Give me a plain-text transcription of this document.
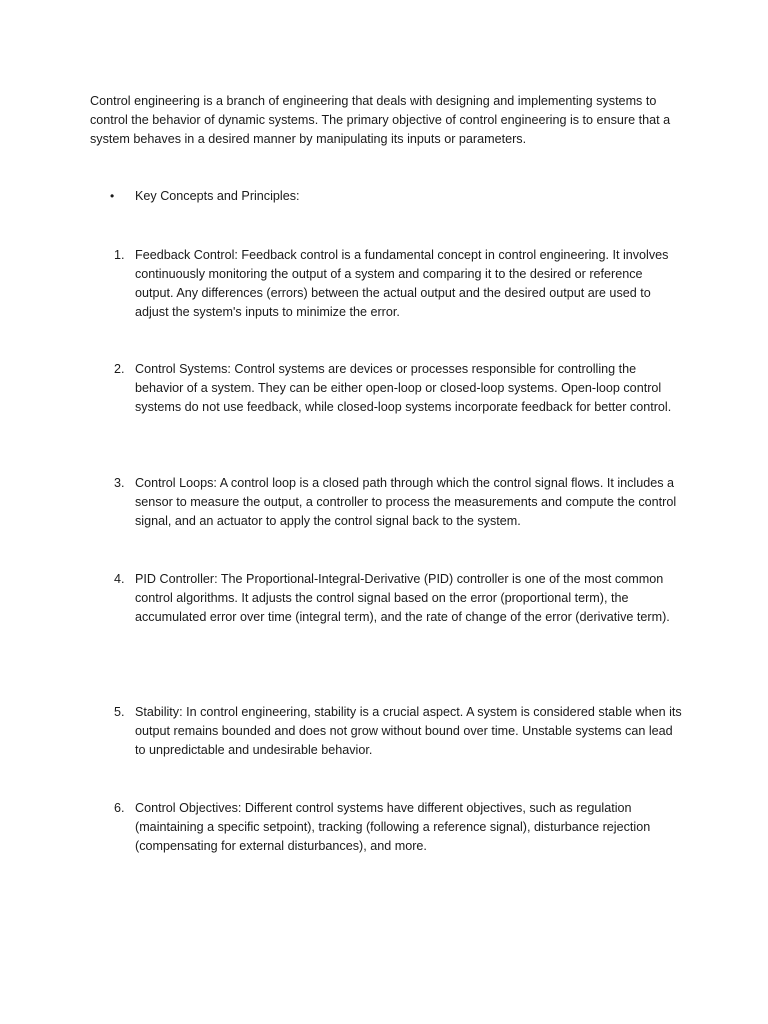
Control engineering is a branch of engineering that deals with designing and implementing systems to control the behavior of dynamic systems. The primary objective of control engineering is to ensure that a system behaves in a desired manner by manipulating its inputs or parameters.

•	Key Concepts and Principles:
1. Feedback Control: Feedback control is a fundamental concept in control engineering. It involves continuously monitoring the output of a system and comparing it to the desired or reference output. Any differences (errors) between the actual output and the desired output are used to adjust the system's inputs to minimize the error.

2. Control Systems: Control systems are devices or processes responsible for controlling the behavior of a system. They can be either open-loop or closed-loop systems. Open-loop control systems do not use feedback, while closed-loop systems incorporate feedback for better control.

3. Control Loops: A control loop is a closed path through which the control signal flows. It includes a sensor to measure the output, a controller to process the measurements and compute the control signal, and an actuator to apply the control signal back to the system.

4. PID Controller: The Proportional-Integral-Derivative (PID) controller is one of the most common control algorithms. It adjusts the control signal based on the error (proportional term), the accumulated error over time (integral term), and the rate of change of the error (derivative term).

5. Stability: In control engineering, stability is a crucial aspect. A system is considered stable when its output remains bounded and does not grow without bound over time. Unstable systems can lead to unpredictable and undesirable behavior.

6. Control Objectives: Different control systems have different objectives, such as regulation (maintaining a specific setpoint), tracking (following a reference signal), disturbance rejection (compensating for external disturbances), and more.
